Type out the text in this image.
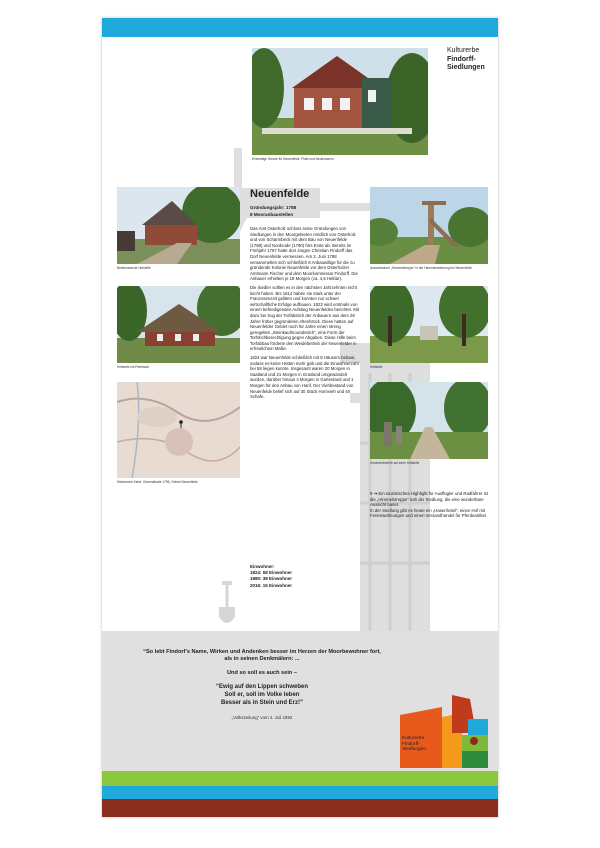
Kulturerbe
Findorff-
Siedlungen
Ehemalige Schule für Neuenfelde, Plate und Neuenkamm
Beidersarsche Hofstelle
Hofstelle mit Reetdach
Historische Karte: Generalkarte 1796, Gebiet Neuenfelde
Aussichtsturm „Himmelstreppe“ in der Hammeniederung bei Neuenfelde
Hofstelle
Gewerbebetrieb auf einer Hofstelle
Neuenfelde
Gründungsjahr: 1788
8 Mooranbaustellen

Das Amt Osterholz schloss seine Gründungen von Siedlungen in den Moorgebieten nördlich von Osterholz und von Scharmbeck mit dem Bau von Neuenfelde (1788) und Nordsode (1790) fürs Erste ab. Bereits im Frühjahr 1787 hatte dort Jürgen Christian Findorff das Dorf Neuenfelde vermessen. Am 2. Juni 1788 versammelten sich schließlich 8 Anbauwillige für die zu gründende Kolonie Neuenfelde vor dem Osterholzer Amtmann Fischer und dem Moorkommissar Findorff. Die Anbauer erhielten je 18 Morgen (ca. 4,5 Hektar).

Die Siedler sollten es in den nächsten Jahrzehnten nicht leicht haben. Bis 1814 haben sie stark unter der Franzosenzeit gelitten und konnten nur schwer wirtschaftliche Erfolge aufbauen. 1822 wird erstmals von einem befriedigenden Aufstieg Neuenfeldes berichtet. Mit dazu bei trug der Torfabstich der Anbauern aus dem 28 Jahre früher gegründeten Altenbrück. Diese hatten auf Neuenfelder Gebiet noch für Jahre einen streng geregelten „Weinkaufmoorabstich“, eine Form der Torfstichberechtigung gegen Abgaben. Diese Hilfe beim Torfabbau förderte den Weidebetrieb der Neuenfelder in erfreulichem Maße.

1824 war Neuenfelde schließlich mit 8 Häusern bebaut, sodass es keine Hütten mehr gab und die Einwohnerzahl bei 58 liegen konnte. Insgesamt waren 20 Morgen in Saatland und 21 Morgen in Grasland umgewandelt worden, darüber hinaus 4 Morgen in Gartenland und 1 Morgen für den Anbau von Hanf. Der Viehbestand von Neuenfelde belief sich auf 30 Stück Hornvieh und 40 Schafe.

Einwohner:
1824: 58 Einwohner
1880: 38 Einwohner
2016: 15 Einwohner

9 ➔ Ein touristisches Highlight für Ausflügler und Radfahrer ist die „Himmelstreppe“ nah der Siedlung, die eine wunderbare Aussicht bietet.

In der Siedlung gibt es heute ein „Hasenhotel“, einen Hof mit Ferienwohnungen und einen Versandhandel für Pferdeartikel.

“So lebt Findorf’s Name, Wirken und Andenken besser im Herzen der Moorbewohner fort,
als in seinen Denkmälern: ...
Und so soll es auch sein –
“Ewig auf den Lippen schweben
Soll er, soll im Volke leben
Besser als in Stein und Erz!”
„Volkszeitung“ vom 4. Juli 1892
Kulturerbe
Findorff-
Siedlungen
